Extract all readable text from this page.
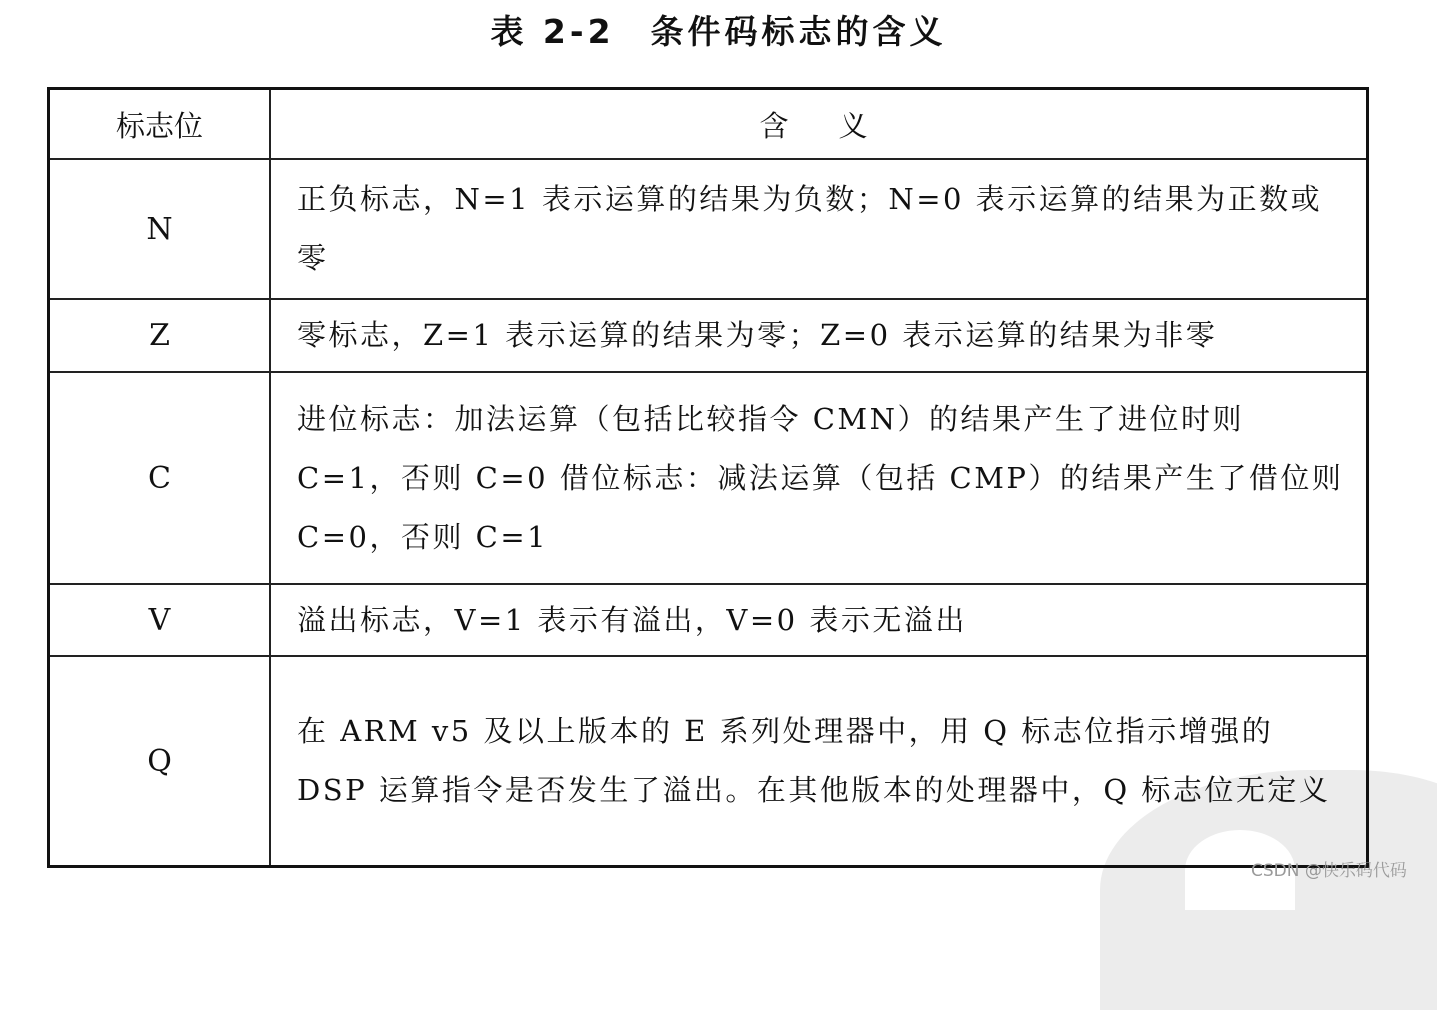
表 2-2 条件码标志的含义
标志位	含义
N	正负标志，N=1 表示运算的结果为负数；N=0 表示运算的结果为正数或零
Z	零标志，Z=1 表示运算的结果为零；Z=0 表示运算的结果为非零
C	进位标志：加法运算（包括比较指令 CMN）的结果产生了进位时则C=1，否则 C=0 借位标志：减法运算（包括 CMP）的结果产生了借位则 C=0，否则 C=1
V	溢出标志，V=1 表示有溢出，V=0 表示无溢出
Q	在 ARM v5 及以上版本的 E 系列处理器中，用 Q 标志位指示增强的 DSP 运算指令是否发生了溢出。在其他版本的处理器中，Q 标志位无定义
CSDN @快乐码代码
